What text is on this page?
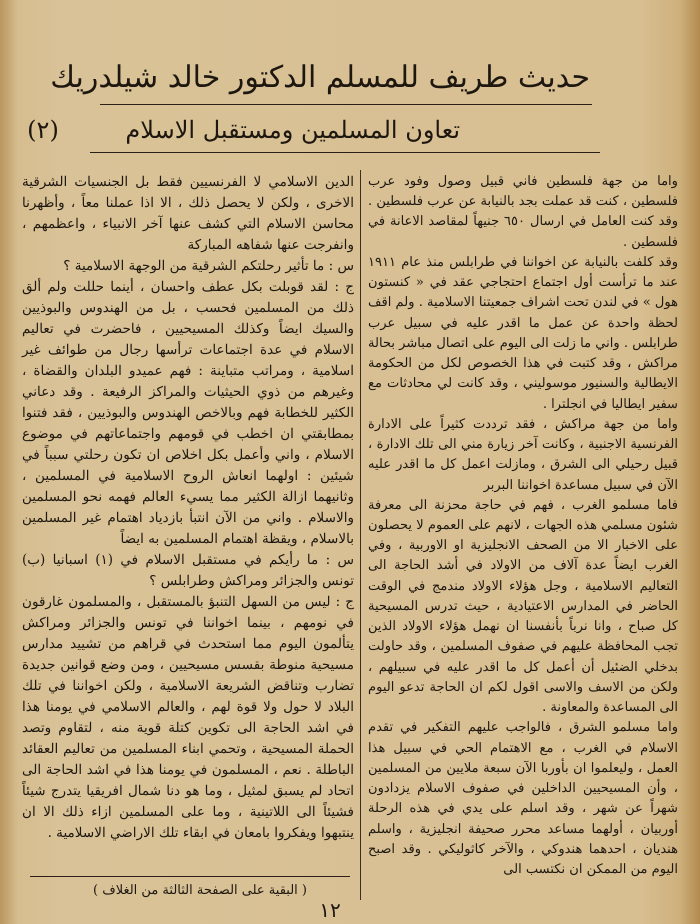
حديث طريف للمسلم الدكتور خالد شيلدريك
(٢)	تعاون المسلمين ومستقبل الاسلام

واما من جهة فلسطين فاني قبيل وصول وفود عرب فلسطين ، كنت قد عملت بجد بالنيابة عن عرب فلسطين . وقد كنت العامل في ارسال ٦٥٠ جنيهاً لمقاصد الاعانة في فلسطين .

وقد كلفت بالنيابة عن اخواننا في طرابلس منذ عام ١٩١١ عند ما ترأست أول اجتماع احتجاجي عقد في « كنستون هول » في لندن تحت اشراف جمعيتنا الاسلامية . ولم اقف لحظة واحدة عن عمل ما اقدر عليه في سبيل عرب طرابلس . واني ما زلت الى اليوم على اتصال مباشر بحالة مراكش ، وقد كتبت في هذا الخصوص لكل من الحكومة الايطالية والسنيور موسوليني ، وقد كانت لي محادثات مع سفير ايطاليا في انجلترا .

واما من جهة مراكش ، فقد ترددت كثيراً على الادارة الفرنسية الاجنبية ، وكانت آخر زيارة مني الى تلك الادارة ، قبيل رحيلي الى الشرق ، ومازلت اعمل كل ما اقدر عليه الآن في سبيل مساعدة اخواننا البربر

فاما مسلمو الغرب ، فهم في حاجة محزنة الى معرفة شئون مسلمي هذه الجهات ، لانهم على العموم لا يحصلون على الاخبار الا من الصحف الانجليزية او الاوربية ، وفي الغرب ايضاً عدة آلاف من الاولاد في أشد الحاجة الى التعاليم الاسلامية ، وجل هؤلاء الاولاد مندمج في الوقت الحاضر في المدارس الاعتيادية ، حيث تدرس المسيحية كل صباح ، وانا نرباً بأنفسنا ان نهمل هؤلاء الاولاد الذين تجب المحافظة عليهم في صفوف المسلمين ، وقد حاولت بدخلي الضئيل أن أعمل كل ما اقدر عليه في سبيلهم ، ولكن من الاسف والاسى اقول لكم ان الحاجة تدعو اليوم الى المساعدة والمعاونة .

واما مسلمو الشرق ، فالواجب عليهم التفكير في تقدم الاسلام في الغرب ، مع الاهتمام الحي في سبيل هذا العمل ، وليعلموا ان بأوربا الآن سبعة ملايين من المسلمين ، وأن المسيحيين الداخلين في صفوف الاسلام يزدادون شهراً عن شهر ، وقد اسلم على يدي في هذه الرحلة أوربيان ، أولهما مساعد محرر صحيفة انجليزية ، واسلم هنديان ، احدهما هندوكي ، والآخر كاثوليكي . وقد اصبح اليوم من الممكن ان نكتسب الى

الدين الاسلامي لا الفرنسيين فقط بل الجنسيات الشرقية الاخرى ، ولكن لا يحصل ذلك ، الا اذا عملنا معاً ، وأظهرنا محاسن الاسلام التي كشف عنها آخر الانبياء ، واعظمهم ، وانفرجت عنها شفاهه المباركة

س : ما تأثير رحلتكم الشرقية من الوجهة الاسلامية ؟

ج : لقد قوبلت بكل عطف واحسان ، أينما حللت ولم ألق ذلك من المسلمين فحسب ، بل من الهندوس والبوذيين والسيك ايضاً وكذلك المسيحيين ، فاحضرت في تعاليم الاسلام في عدة اجتماعات ترأسها رجال من طوائف غير اسلامية ، ومراتب متباينة : فهم عميدو البلدان والقضاة ، وغيرهم من ذوي الحيثيات والمراكز الرفيعة . وقد دعاني الكثير للخطابة فهم وبالاخص الهندوس والبوذيين ، فقد فتنوا بمطابقتي ان اخطب في قومهم واجتماعاتهم في موضوع الاسلام ، واني وأعمل بكل اخلاص ان تكون رحلتي سبباً في شيئين : اولهما انعاش الروح الاسلامية في المسلمين ، وثانيهما ازالة الكثير مما يسيء العالم فهمه نحو المسلمين والاسلام . واني من الآن انتبأ بازدياد اهتمام غير المسلمين بالاسلام ، ويقظة اهتمام المسلمين به ايضاً

س : ما رأيكم في مستقبل الاسلام في (١) اسبانيا (ب) تونس والجزائر ومراكش وطرابلس ؟

ج : ليس من السهل التنبؤ بالمستقبل ، والمسلمون غارقون في نومهم ، بينما اخواننا في تونس والجزائر ومراكش يتألمون اليوم مما استحدث في قراهم من تشييد مدارس مسيحية منوطة بقسس مسيحيين ، ومن وضع قوانين جديدة تضارب وتناقض الشريعة الاسلامية ، ولكن اخواننا في تلك البلاد لا حول ولا قوة لهم ، والعالم الاسلامي في يومنا هذا في اشد الحاجة الى تكوين كتلة قوية منه ، لتقاوم وتصد الحملة المسيحية ، وتحمي ابناء المسلمين من تعاليم العقائد الباطلة . نعم ، المسلمون في يومنا هذا في اشد الحاجة الى اتحاد لم يسبق لمثيل ، وما هو دنا شمال افريقيا يتدرج شيئاً فشيئاً الى اللاتينية ، وما على المسلمين ازاء ذلك الا ان ينتبهوا ويفكروا بامعان في ابقاء تلك الاراضي الاسلامية .

( البقية على الصفحة الثالثة من الغلاف )
١٢
